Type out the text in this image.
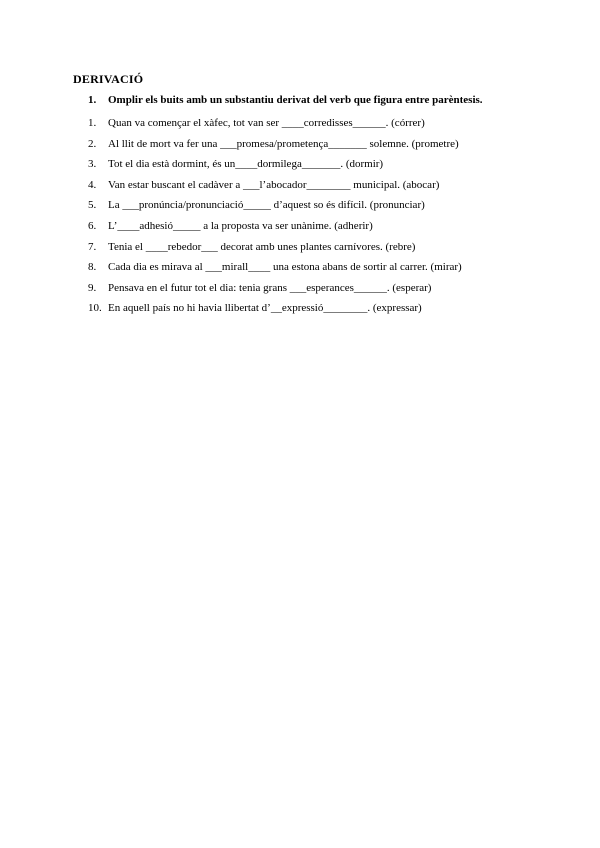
DERIVACIÓ
1. Omplir els buits amb un substantiu derivat del verb que figura entre parèntesis.
1. Quan va començar el xàfec, tot van ser ____corredisses______. (córrer)
2. Al llit de mort va fer una ___promesa/prometença_______ solemne. (prometre)
3. Tot el dia està dormint, és un____dormilega_______. (dormir)
4. Van estar buscant el cadàver a ___l’abocador________ municipal. (abocar)
5. La ___pronúncia/pronunciació_____ d’aquest so és difícil. (pronunciar)
6. L’____adhesió_____ a la proposta va ser unànime. (adherir)
7. Tenia el ____rebedor___ decorat amb unes plantes carnívores. (rebre)
8. Cada dia es mirava al ___mirall____ una estona abans de sortir al carrer. (mirar)
9. Pensava en el futur tot el dia: tenia grans ___esperances______. (esperar)
10. En aquell país no hi havia llibertat d’__expressió________. (expressar)
